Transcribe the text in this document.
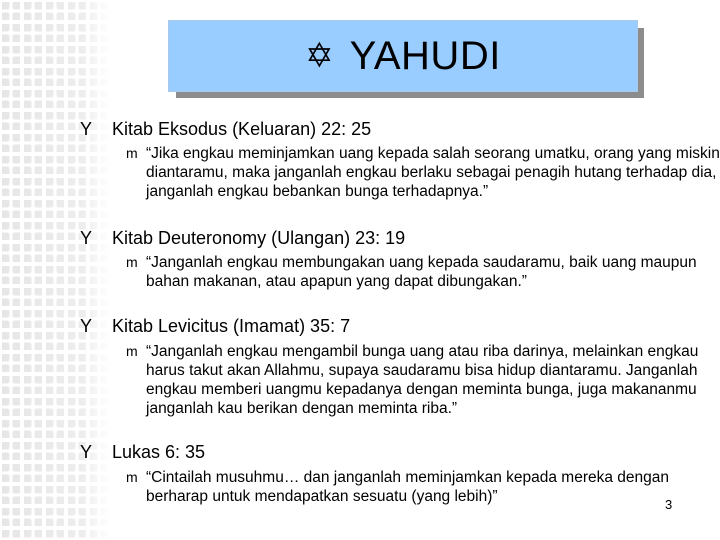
✡ YAHUDI
Y	Kitab Eksodus (Keluaran) 22: 25
m “Jika engkau meminjamkan uang kepada salah seorang umatku, orang yang miskin diantaramu, maka janganlah engkau berlaku sebagai penagih hutang terhadap dia, janganlah engkau bebankan bunga terhadapnya.”
Y	Kitab Deuteronomy (Ulangan) 23: 19
m “Janganlah engkau membungakan uang kepada saudaramu, baik uang maupun bahan makanan, atau apapun yang dapat dibungakan.”
Y	Kitab Levicitus (Imamat) 35: 7
m “Janganlah engkau mengambil bunga uang atau riba darinya, melainkan engkau harus takut akan Allahmu, supaya saudaramu bisa hidup diantaramu. Janganlah engkau memberi uangmu kepadanya dengan meminta bunga, juga makananmu janganlah kau berikan dengan meminta riba.”
Y	Lukas 6: 35
m “Cintailah musuhmu… dan janganlah meminjamkan kepada mereka dengan berharap untuk mendapatkan sesuatu (yang lebih)”	3
